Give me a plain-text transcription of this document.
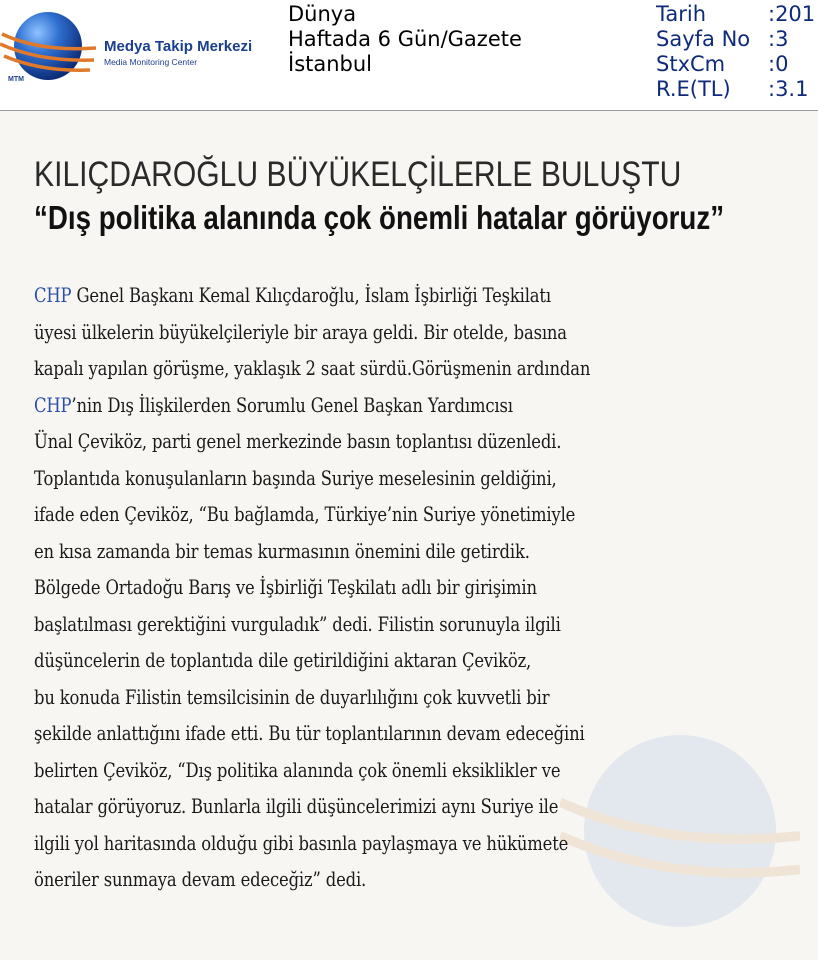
MTM
Medya Takip Merkezi
Media Monitoring Center
Dünya
Haftada 6 Gün/Gazete
İstanbul
Tarih	:201
Sayfa No :3
StxCm :0
R.E(TL) :3.1
KILIÇDAROĞLU BÜYÜKELÇİLERLE BULUŞTU
“Dış politika alanında çok önemli hatalar görüyoruz”
CHP Genel Başkanı Kemal Kılıçdaroğlu, İslam İşbirliği Teşkilatı
üyesi ülkelerin büyükelçileriyle bir araya geldi. Bir otelde, basına
kapalı yapılan görüşme, yaklaşık 2 saat sürdü.Görüşmenin ardından
CHP’nin Dış İlişkilerden Sorumlu Genel Başkan Yardımcısı
Ünal Çeviköz, parti genel merkezinde basın toplantısı düzenledi.
Toplantıda konuşulanların başında Suriye meselesinin geldiğini,
ifade eden Çeviköz, “Bu bağlamda, Türkiye’nin Suriye yönetimiyle
en kısa zamanda bir temas kurmasının önemini dile getirdik.
Bölgede Ortadoğu Barış ve İşbirliği Teşkilatı adlı bir girişimin
başlatılması gerektiğini vurguladık” dedi. Filistin sorunuyla ilgili
düşüncelerin de toplantıda dile getirildiğini aktaran Çeviköz,
bu konuda Filistin temsilcisinin de duyarlılığını çok kuvvetli bir
şekilde anlattığını ifade etti. Bu tür toplantılarının devam edeceğini
belirten Çeviköz, “Dış politika alanında çok önemli eksiklikler ve
hatalar görüyoruz. Bunlarla ilgili düşüncelerimizi aynı Suriye ile
ilgili yol haritasında olduğu gibi basınla paylaşmaya ve hükümete
öneriler sunmaya devam edeceğiz” dedi.
